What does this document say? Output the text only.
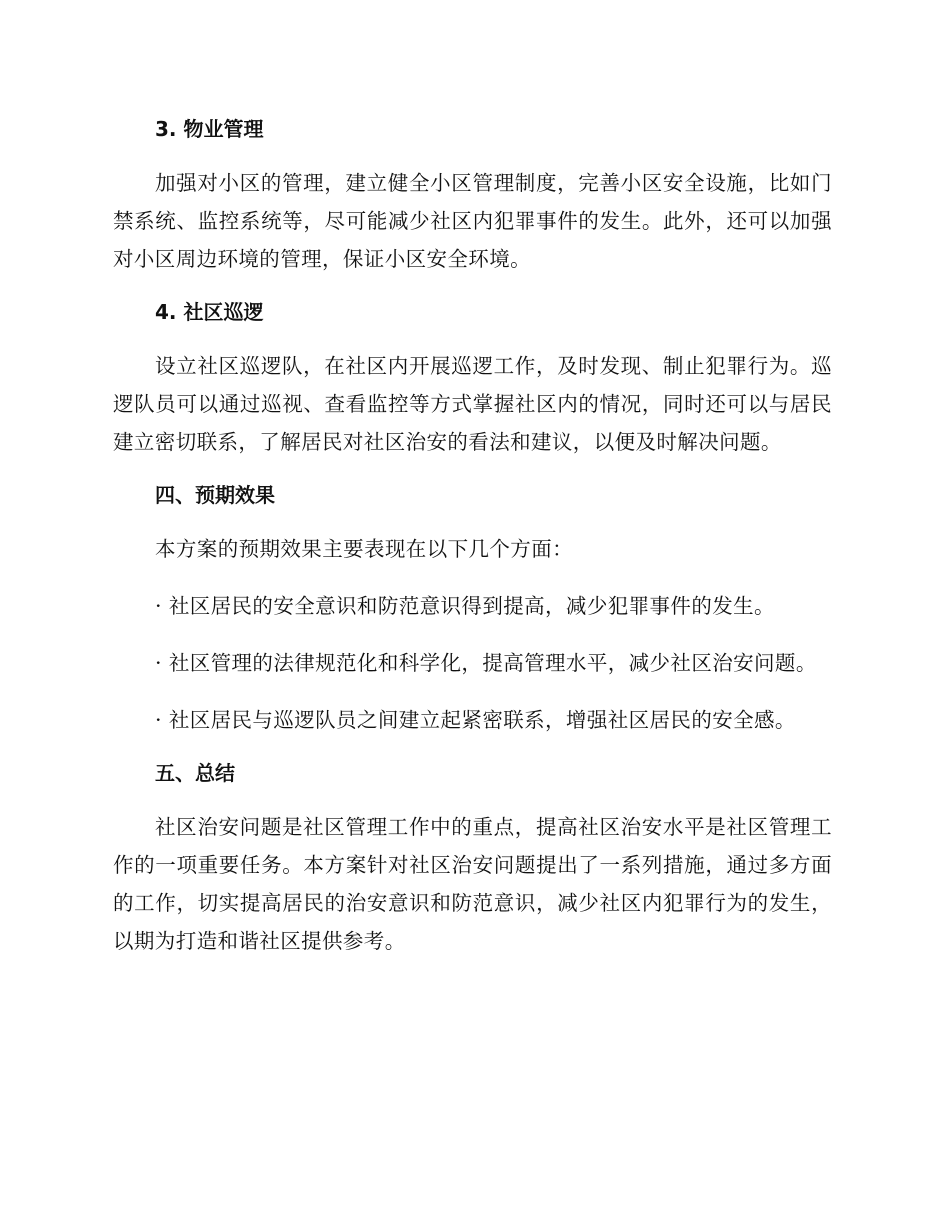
3. 物业管理

加强对小区的管理，建立健全小区管理制度，完善小区安全设施，比如门禁系统、监控系统等，尽可能减少社区内犯罪事件的发生。此外，还可以加强对小区周边环境的管理，保证小区安全环境。

4. 社区巡逻

设立社区巡逻队，在社区内开展巡逻工作，及时发现、制止犯罪行为。巡逻队员可以通过巡视、查看监控等方式掌握社区内的情况，同时还可以与居民建立密切联系，了解居民对社区治安的看法和建议，以便及时解决问题。

四、预期效果

本方案的预期效果主要表现在以下几个方面：

· 社区居民的安全意识和防范意识得到提高，减少犯罪事件的发生。

· 社区管理的法律规范化和科学化，提高管理水平，减少社区治安问题。

· 社区居民与巡逻队员之间建立起紧密联系，增强社区居民的安全感。

五、总结

社区治安问题是社区管理工作中的重点，提高社区治安水平是社区管理工作的一项重要任务。本方案针对社区治安问题提出了一系列措施，通过多方面的工作，切实提高居民的治安意识和防范意识，减少社区内犯罪行为的发生，以期为打造和谐社区提供参考。
